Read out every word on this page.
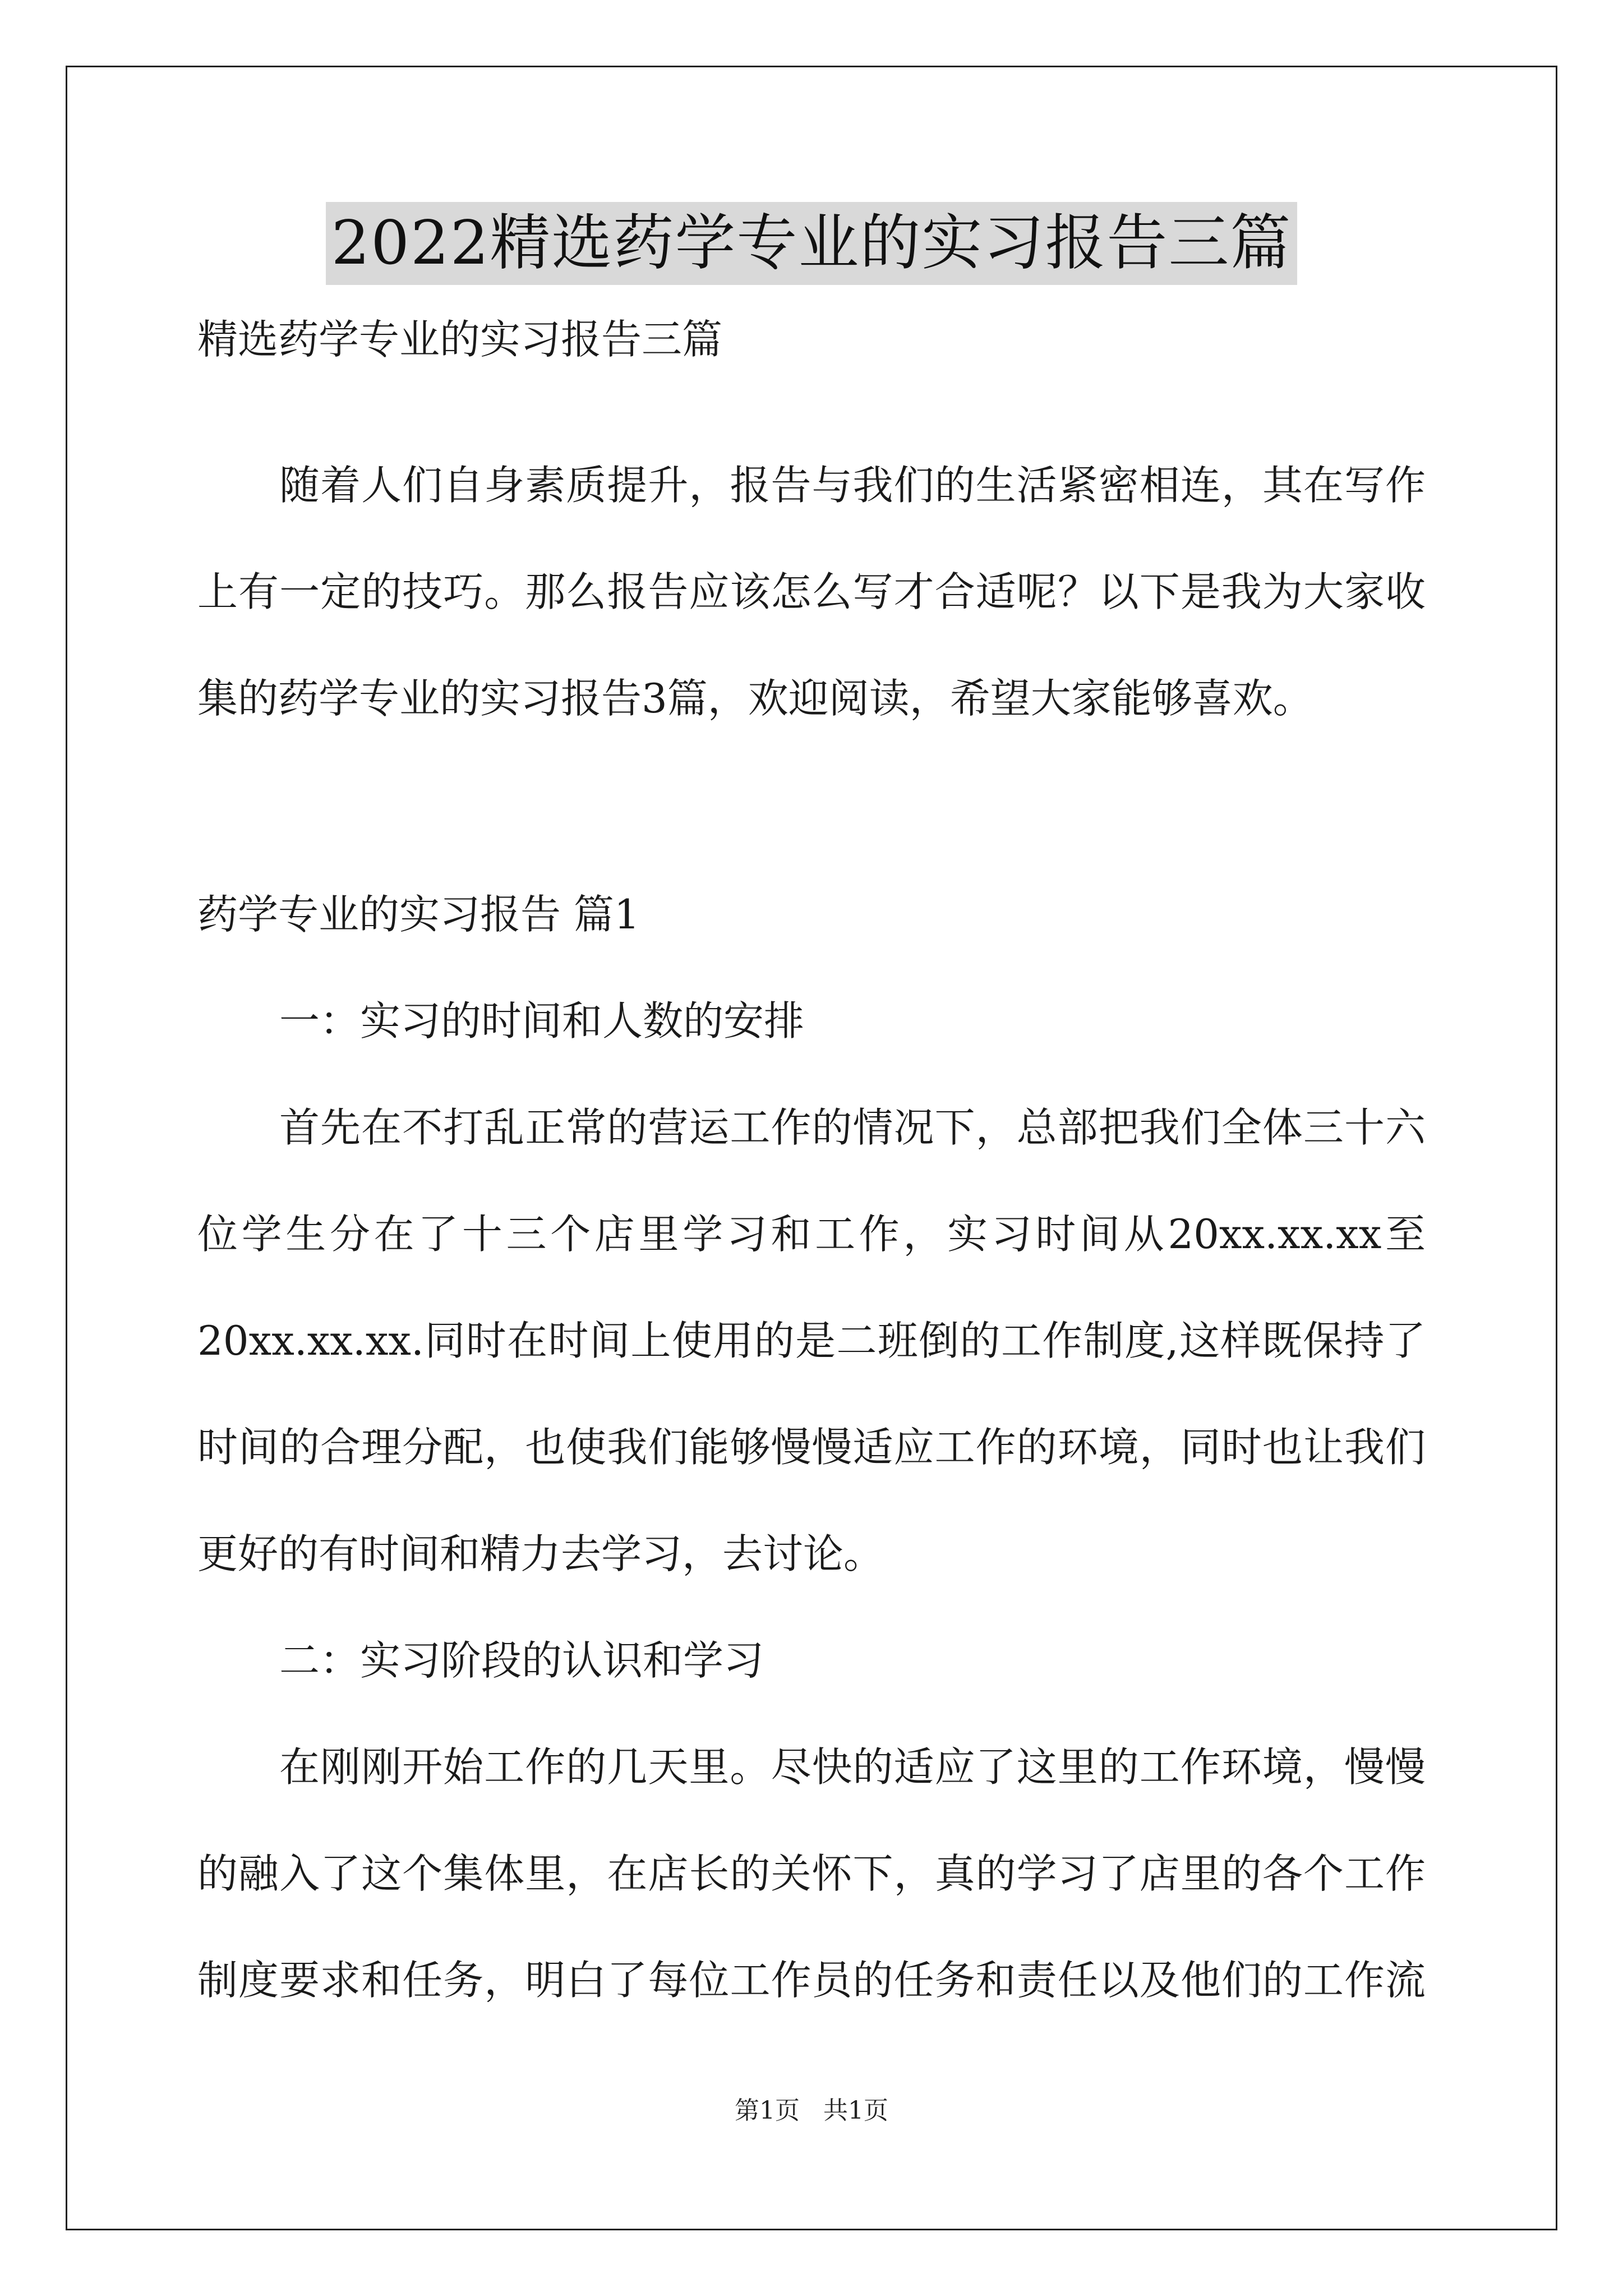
2022精选药学专业的实习报告三篇
精选药学专业的实习报告三篇
随着人们自身素质提升，报告与我们的生活紧密相连，其在写作
上有一定的技巧。那么报告应该怎么写才合适呢？以下是我为大家收
集的药学专业的实习报告3篇，欢迎阅读，希望大家能够喜欢。
药学专业的实习报告 篇1
一：实习的时间和人数的安排
首先在不打乱正常的营运工作的情况下，总部把我们全体三十六
位学生分在了十三个店里学习和工作，实习时间从20xx.xx.xx至
20xx.xx.xx.同时在时间上使用的是二班倒的工作制度,这样既保持了
时间的合理分配，也使我们能够慢慢适应工作的环境，同时也让我们
更好的有时间和精力去学习，去讨论。
二：实习阶段的认识和学习
在刚刚开始工作的几天里。尽快的适应了这里的工作环境，慢慢
的融入了这个集体里，在店长的关怀下，真的学习了店里的各个工作
制度要求和任务，明白了每位工作员的任务和责任以及他们的工作流
第1页   共1页
